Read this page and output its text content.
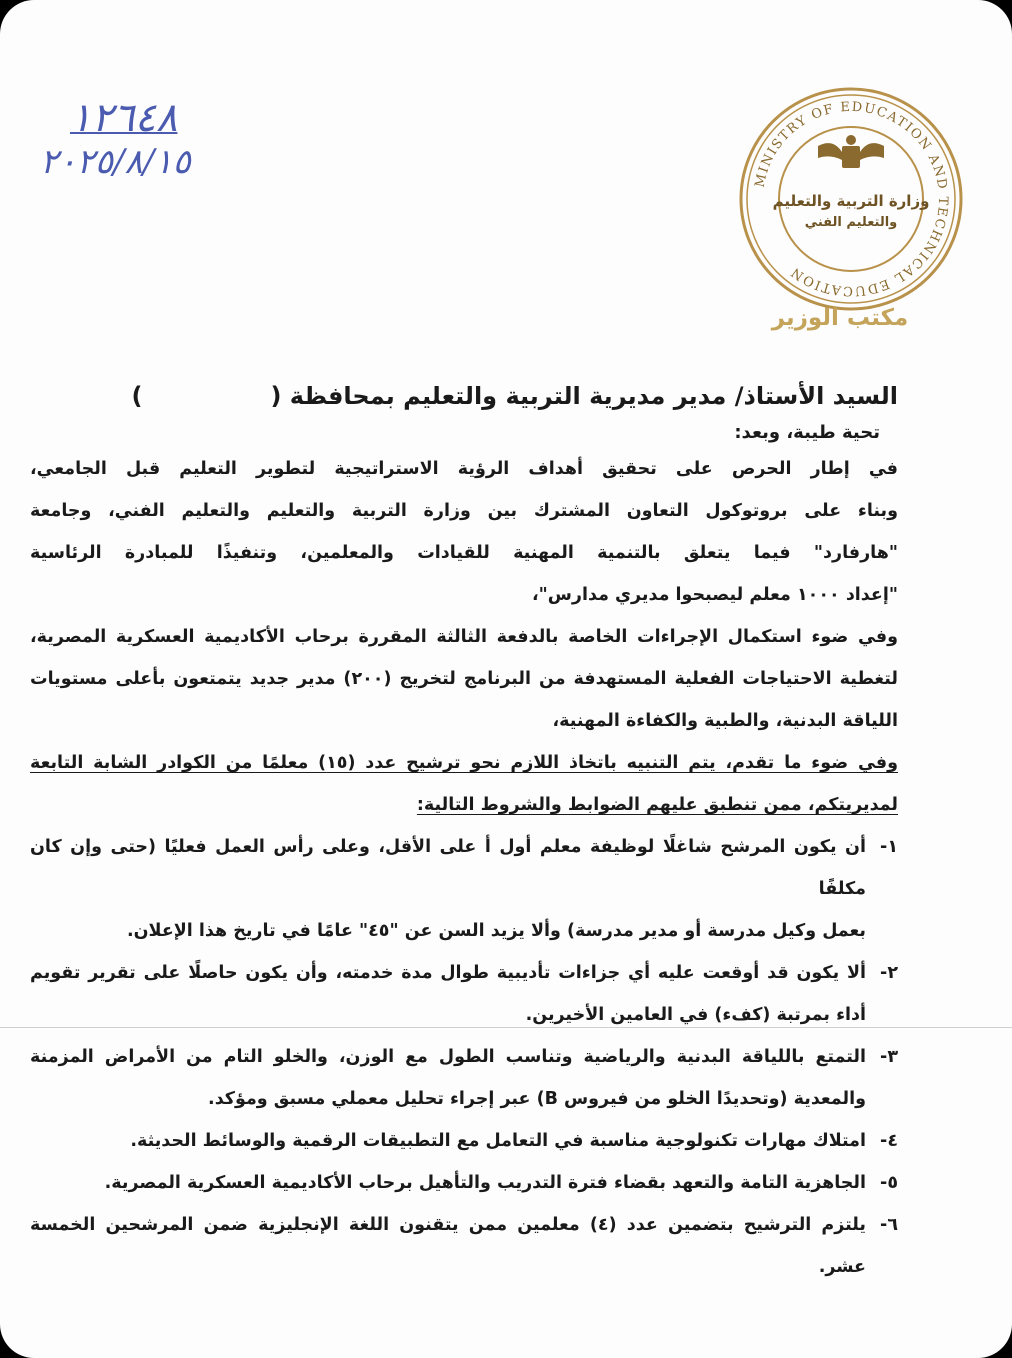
١٢٦٤٨
٢٠٢٥/٨/١٥	MINISTRY OF EDUCATION AND TECHNICAL EDUCATION
وزارة التربية والتعليم
والتعليم الفني
مكتب الوزير
السيد الأستاذ/ مدير مديرية التربية والتعليم بمحافظة (
)
تحية طيبة، وبعد:

في إطار الحرص على تحقيق أهداف الرؤية الاستراتيجية لتطوير التعليم قبل الجامعي،
وبناء على بروتوكول التعاون المشترك بين وزارة التربية والتعليم والتعليم الفني، وجامعة
"هارفارد" فيما يتعلق بالتنمية المهنية للقيادات والمعلمين، وتنفيذًا للمبادرة الرئاسية
"إعداد ١٠٠٠ معلم ليصبحوا مديري مدارس"،

وفي ضوء استكمال الإجراءات الخاصة بالدفعة الثالثة المقررة برحاب الأكاديمية العسكرية المصرية،
لتغطية الاحتياجات الفعلية المستهدفة من البرنامج لتخريج (٢٠٠) مدير جديد يتمتعون بأعلى مستويات
اللياقة البدنية، والطبية والكفاءة المهنية،

وفي ضوء ما تقدم، يتم التنبيه باتخاذ اللازم نحو ترشيح عدد (١٥) معلمًا من الكوادر الشابة التابعة
لمديريتكم، ممن تنطبق عليهم الضوابط والشروط التالية:

١-
أن يكون المرشح شاغلًا لوظيفة معلم أول أ على الأقل، وعلى رأس العمل فعليًا (حتى وإن كان مكلفًا
بعمل وكيل مدرسة أو مدير مدرسة) وألا يزيد السن عن "٤٥" عامًا في تاريخ هذا الإعلان.
٢-
ألا يكون قد أوقعت عليه أي جزاءات تأديبية طوال مدة خدمته، وأن يكون حاصلًا على تقرير تقويم
أداء بمرتبة (كفء) في العامين الأخيرين.
٣-
التمتع باللياقة البدنية والرياضية وتناسب الطول مع الوزن، والخلو التام من الأمراض المزمنة
والمعدية (وتحديدًا الخلو من فيروس B) عبر إجراء تحليل معملي مسبق ومؤكد.
٤-
امتلاك مهارات تكنولوجية مناسبة في التعامل مع التطبيقات الرقمية والوسائط الحديثة.
٥-
الجاهزية التامة والتعهد بقضاء فترة التدريب والتأهيل برحاب الأكاديمية العسكرية المصرية.
٦-
يلتزم الترشيح بتضمين عدد (٤) معلمين ممن يتقنون اللغة الإنجليزية ضمن المرشحين الخمسة
عشر.
